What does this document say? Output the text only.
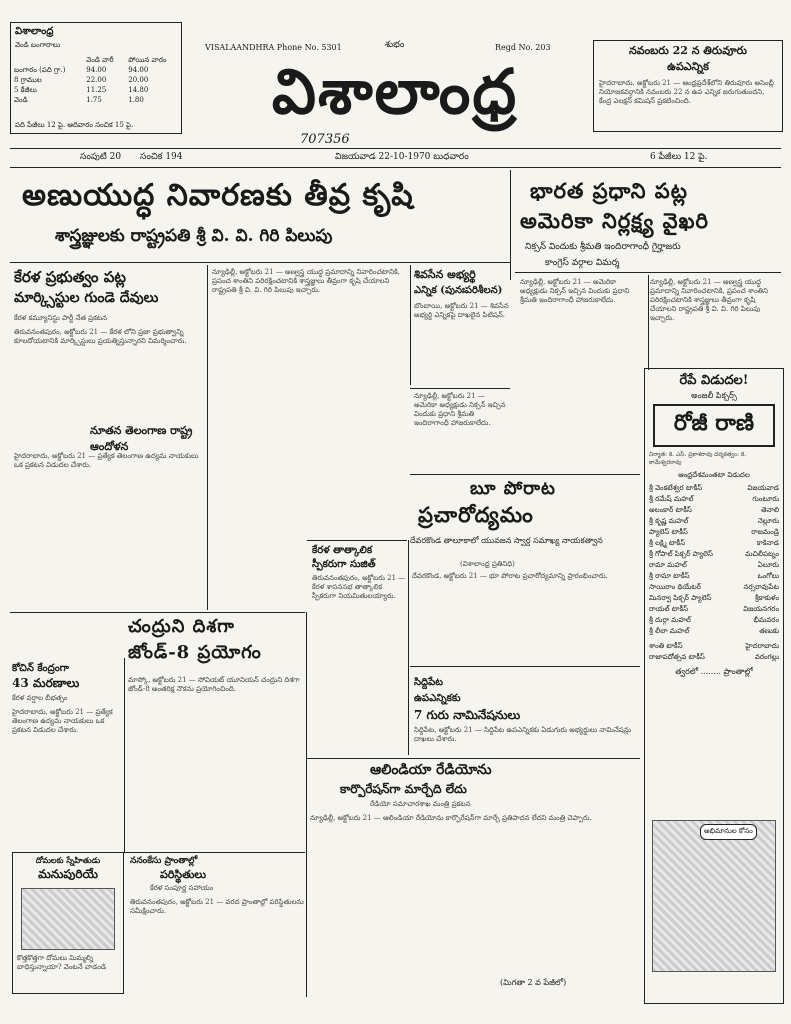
విశాలాంధ్ర
వెండి బంగారాలు
	వెండి వారీ	పోయిన వారం
బంగారం (పది గ్రా.)	94.00	94.00
8 గ్రాముల	22.00	20.00
5 కేజీలు	11.25	14.80
వెండి	1.75	1.80
పది పేజీలు 12 పై. ఆదివారం సంచిక 15 పై.
VISALAANDHRA Phone No. 5301	శుభం	Regd No. 203
విశాలాంధ్ర
707356
నవంబరు 22 న తిరువూరు
ఉపఎన్నిక
హైదరాబాదు, అక్టోబరు 21 — ఆంధ్రప్రదేశ్‌లోని తిరువూరు అసెంబ్లీ నియోజకవర్గానికి నవంబరు 22 న ఉప ఎన్నిక జరుగుతుందని, కేంద్ర ఎలక్షన్ కమిషన్ ప్రకటించింది.
సంపుటి 20 సంచిక 194	విజయవాడ 22-10-1970 బుధవారం	6 పేజీలు 12 పై.
అణుయుద్ధ నివారణకు తీవ్ర కృషి
శాస్త్రజ్ఞులకు రాష్ట్రపతి శ్రీ వి. వి. గిరి పిలుపు
భారత ప్రధాని పట్ల
అమెరికా నిర్లక్ష్య వైఖరి
నిక్సన్ విందుకు శ్రీమతి ఇందిరాగాంధీ గైర్హాజరు
కాంగ్రెస్ వర్గాల విమర్శ
న్యూఢిల్లీ, అక్టోబరు 21 — అమెరికా అధ్యక్షుడు నిక్సన్ ఇచ్చిన విందుకు ప్రధాని శ్రీమతి ఇందిరాగాంధీ హాజరుకాలేదు.
న్యూఢిల్లీ, అక్టోబరు 21 — అణ్వస్త్ర యుద్ధ ప్రమాదాన్ని నివారించటానికి, ప్రపంచ శాంతిని పరిరక్షించటానికి శాస్త్రజ్ఞులు తీవ్రంగా కృషి చేయాలని రాష్ట్రపతి శ్రీ వి. వి. గిరి పిలుపు ఇచ్చారు.
కేరళ ప్రభుత్వం పట్ల
మార్క్సిస్టుల గుండె దేవులు
కేరళ కమ్యూనిస్టు పార్టీ నేత ప్రకటన
తిరువనంతపురం, అక్టోబరు 21 — కేరళ లోని ప్రజా ప్రభుత్వాన్ని కూలదోయటానికి మార్క్సిస్టులు ప్రయత్నిస్తున్నారని విమర్శించారు.
నూతన తెలంగాణ రాష్ట్ర ఆందోళన
హైదరాబాదు, అక్టోబరు 21 — ప్రత్యేక తెలంగాణ ఉద్యమ నాయకులు ఒక ప్రకటన విడుదల చేశారు.
న్యూఢిల్లీ, అక్టోబరు 21 — అణ్వస్త్ర యుద్ధ ప్రమాదాన్ని నివారించటానికి, ప్రపంచ శాంతిని పరిరక్షించటానికి శాస్త్రజ్ఞులు తీవ్రంగా కృషి చేయాలని రాష్ట్రపతి శ్రీ వి. వి. గిరి పిలుపు ఇచ్చారు.
శివసేన అభ్యర్థి
ఎన్నిక (పునఃపరిశీలన)
బొంబాయి, అక్టోబరు 21 — శివసేన అభ్యర్థి ఎన్నికపై దాఖలైన పిటిషన్.
న్యూఢిల్లీ, అక్టోబరు 21 — అమెరికా అధ్యక్షుడు నిక్సన్ ఇచ్చిన విందుకు ప్రధాని శ్రీమతి ఇందిరాగాంధీ హాజరుకాలేదు.
బూ పోరాట
ప్రచారోద్యమం
దేవరకొండ తాలూకాలో యువజన స్వార్ధ సమాఖ్య నాయకత్వాన
(విశాలాంధ్ర ప్రతినిధి)
దేవరకొండ, అక్టోబరు 21 — భూ పోరాట ప్రచారోద్యమాన్ని ప్రారంభించారు.
కేరళ తాత్కాలిక
స్పీకరుగా సుజిత్
తిరువనంతపురం, అక్టోబరు 21 — కేరళ శాసనసభ తాత్కాలిక స్పీకరుగా నియమితులయ్యారు.
చంద్రుని దిశగా
జోండ్-8 ప్రయోగం
మాస్కో, అక్టోబరు 21 — సోవియట్ యూనియన్ చంద్రుని దిశగా జోండ్-8 అంతరిక్ష నౌకను ప్రయోగించింది.
కోచిన్ కేంద్రంగా
43 మరణాలు
కేరళ వర్షాల బీభత్సం
హైదరాబాదు, అక్టోబరు 21 — ప్రత్యేక తెలంగాణ ఉద్యమ నాయకులు ఒక ప్రకటన విడుదల చేశారు.
ఆలిండియా రేడియోను
కార్పొరేషన్‌గా మార్చేది లేదు
రేడియో సమాచారశాఖ మంత్రి ప్రకటన
న్యూఢిల్లీ, అక్టోబరు 21 — ఆలిండియా రేడియోను కార్పొరేషన్‌గా మార్చే ప్రతిపాదన లేదని మంత్రి చెప్పారు.
సిద్దిపేట
ఉపఎన్నికకు
7 గురు నామినేషనులు
సిద్దిపేట, అక్టోబరు 21 — సిద్దిపేట ఉపఎన్నికకు ఏడుగురు అభ్యర్థులు నామినేషన్లు దాఖలు చేశారు.
ననంకేసు ప్రాంతాల్లో
పరిస్థితులు
కేరళ సంపూర్ణ సహాయం
తిరువనంతపురం, అక్టోబరు 21 — వరద ప్రాంతాల్లో పరిస్థితులను సమీక్షించారు.
దోమలకు స్నేహితుడు
మనుపురియే
కొత్తకొత్తగా దోమలు మిమ్మల్ని బాధిస్తున్నాయా? వెంటనే వాడండి
(మిగతా 2 వ పేజీలో)
రేపే విడుదల!
అంజలీ పిక్చర్స్
రోజీ రాణి
నిర్మాత: కె. ఎస్. ప్రకాశరావు దర్శకత్వం: కె. కామేశ్వరరావు
ఆంధ్రదేశమంతటా విడుదల
శ్రీ వెంకటేశ్వర టాకీస్	విజయవాడ
శ్రీ రమేష్ మహల్	గుంటూరు
అలంకార్ టాకీస్	తెనాలి
శ్రీ కృష్ణ మహల్	నెల్లూరు
ప్యాలెస్ టాకీస్	రాజమండ్రి
శ్రీ లక్ష్మి టాకీస్	కాకినాడ
శ్రీ గోపాల్ పిక్చర్ ప్యాలెస్	మచిలీపట్నం
రామా మహల్	ఏలూరు
శ్రీ రామా టాకీస్	ఒంగోలు
సాయిరాం థియేటర్	నర్సరావుపేట
మినర్వా పిక్చర్ ప్యాలెస్	శ్రీకాకుళం
రాయల్ టాకీస్	విజయనగరం
శ్రీ దుర్గా మహల్	భీమవరం
శ్రీ లీలా మహల్	తణుకు
శాంతి టాకీస్	హైదరాబాదు
రాజాపదోత్సవ టాకీస్	వరంగల్లు
త్వరలో ........ ప్రాంతాల్లో
అభిమానుల కోసం
